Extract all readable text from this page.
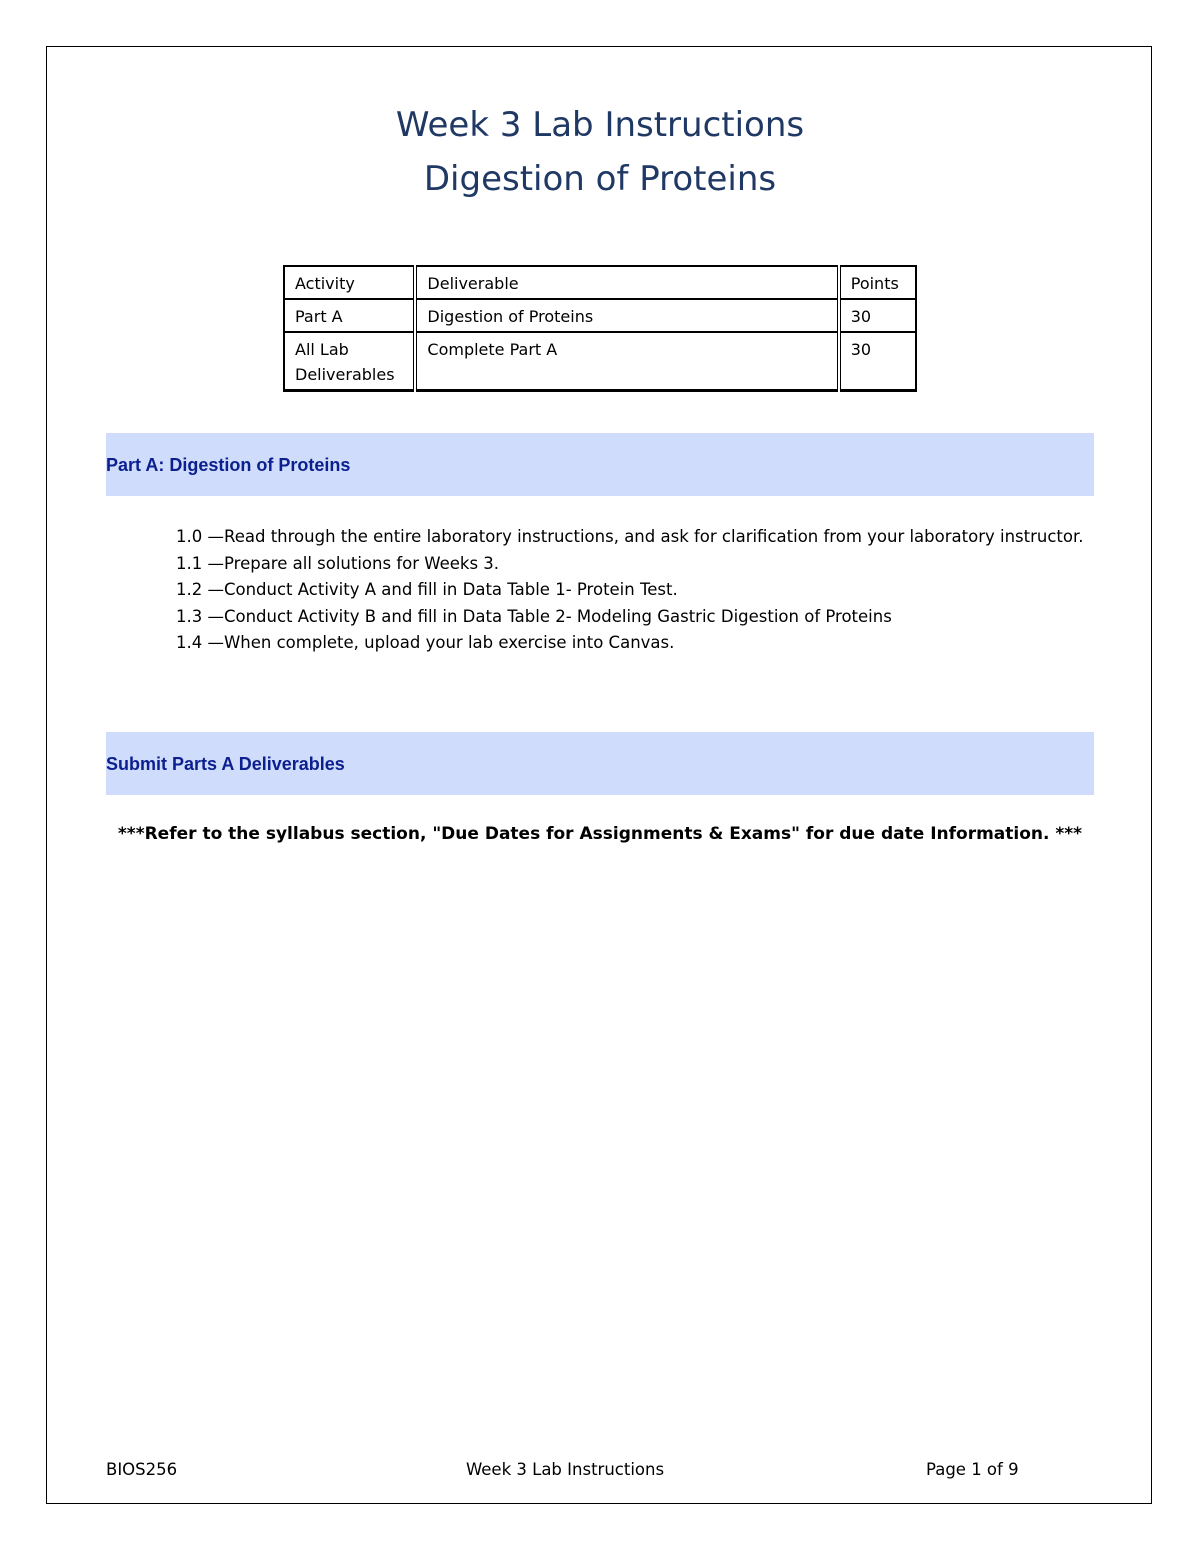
Week 3 Lab Instructions
Digestion of Proteins
Activity	Deliverable	Points
Part A	Digestion of Proteins	30
All Lab Deliverables	Complete Part A	30
Part A: Digestion of Proteins

1.0 —Read through the entire laboratory instructions, and ask for clarification from your laboratory instructor.

1.1 —Prepare all solutions for Weeks 3.

1.2 —Conduct Activity A and fill in Data Table 1- Protein Test.

1.3 —Conduct Activity B and fill in Data Table 2- Modeling Gastric Digestion of Proteins

1.4 —When complete, upload your lab exercise into Canvas.

Submit Parts A Deliverables
***Refer to the syllabus section, "Due Dates for Assignments & Exams" for due date Information. ***
BIOS256	Week 3 Lab Instructions	Page 1 of 9
